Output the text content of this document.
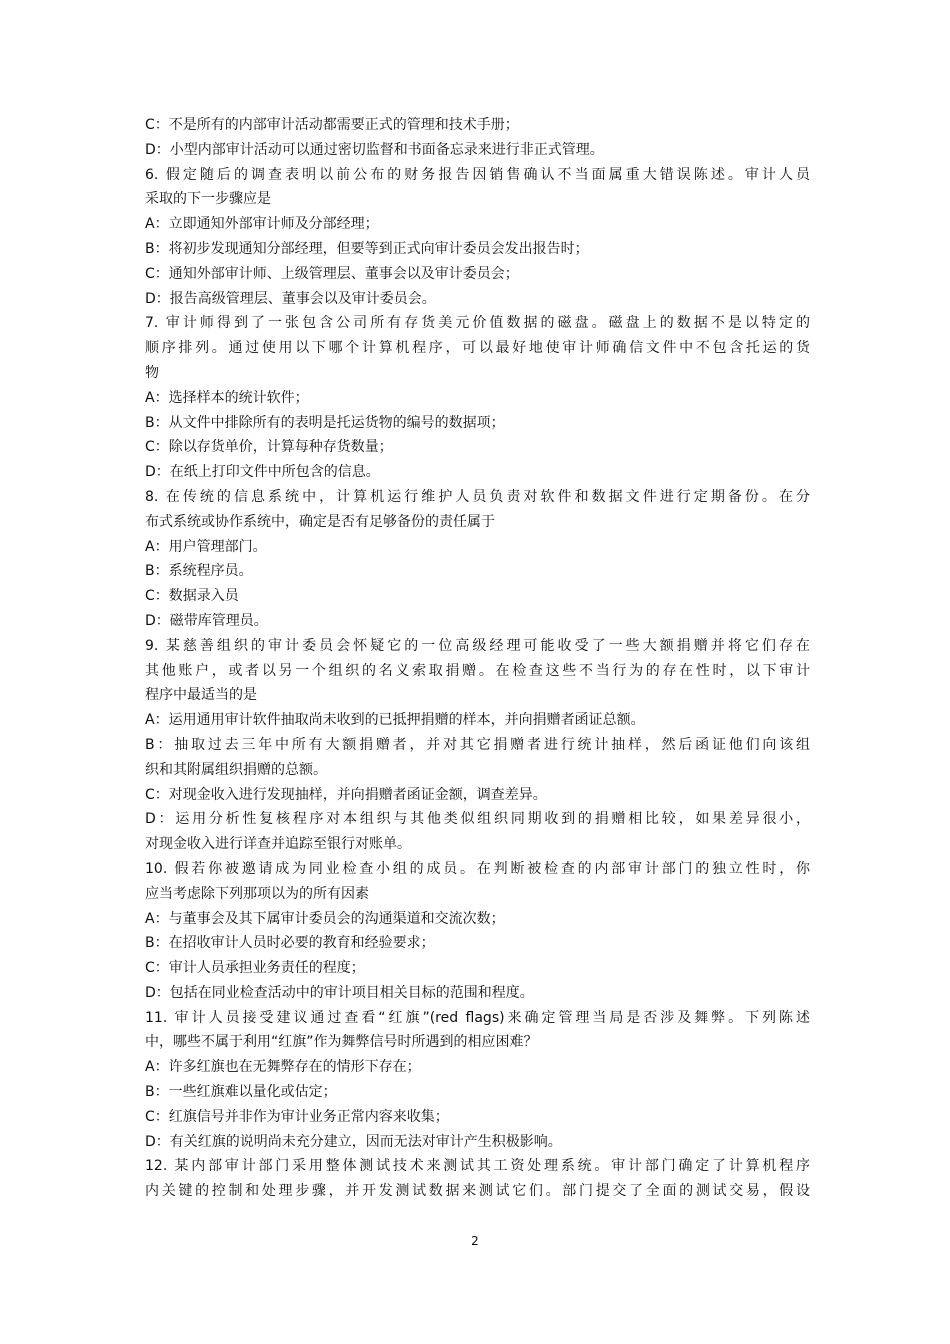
C：不是所有的内部审计活动都需要正式的管理和技术手册；
D：小型内部审计活动可以通过密切监督和书面备忘录来进行非正式管理。
6. 假定随后的调查表明以前公布的财务报告因销售确认不当面属重大错误陈述。审计人员
采取的下一步骤应是
A：立即通知外部审计师及分部经理；
B：将初步发现通知分部经理，但要等到正式向审计委员会发出报告时；
C：通知外部审计师、上级管理层、董事会以及审计委员会；
D：报告高级管理层、董事会以及审计委员会。
7. 审计师得到了一张包含公司所有存货美元价值数据的磁盘。磁盘上的数据不是以特定的
顺序排列。通过使用以下哪个计算机程序，可以最好地使审计师确信文件中不包含托运的货
物
A：选择样本的统计软件；
B：从文件中排除所有的表明是托运货物的编号的数据项；
C：除以存货单价，计算每种存货数量；
D：在纸上打印文件中所包含的信息。
8. 在传统的信息系统中，计算机运行维护人员负责对软件和数据文件进行定期备份。在分
布式系统或协作系统中，确定是否有足够备份的责任属于
A：用户管理部门。
B：系统程序员。
C：数据录入员
D：磁带库管理员。
9. 某慈善组织的审计委员会怀疑它的一位高级经理可能收受了一些大额捐赠并将它们存在
其他账户，或者以另一个组织的名义索取捐赠。在检查这些不当行为的存在性时，以下审计
程序中最适当的是
A：运用通用审计软件抽取尚未收到的已抵押捐赠的样本，并向捐赠者函证总额。
B：抽取过去三年中所有大额捐赠者，并对其它捐赠者进行统计抽样，然后函证他们向该组
织和其附属组织捐赠的总额。
C：对现金收入进行发现抽样，并向捐赠者函证金额，调查差异。
D：运用分析性复核程序对本组织与其他类似组织同期收到的捐赠相比较，如果差异很小，
对现金收入进行详查并追踪至银行对账单。
10. 假若你被邀请成为同业检查小组的成员。在判断被检查的内部审计部门的独立性时，你
应当考虑除下列那项以为的所有因素
A：与董事会及其下属审计委员会的沟通渠道和交流次数；
B：在招收审计人员时必要的教育和经验要求；
C：审计人员承担业务责任的程度；
D：包括在同业检查活动中的审计项目相关目标的范围和程度。
11. 审计人员接受建议通过查看“红旗”(red flags)来确定管理当局是否涉及舞弊。下列陈述
中，哪些不属于利用“红旗”作为舞弊信号时所遇到的相应困难？
A：许多红旗也在无舞弊存在的情形下存在；
B：一些红旗难以量化或估定；
C：红旗信号并非作为审计业务正常内容来收集；
D：有关红旗的说明尚未充分建立，因而无法对审计产生积极影响。
12. 某内部审计部门采用整体测试技术来测试其工资处理系统。审计部门确定了计算机程序
内关键的控制和处理步骤，并开发测试数据来测试它们。部门提交了全面的测试交易，假设
2
